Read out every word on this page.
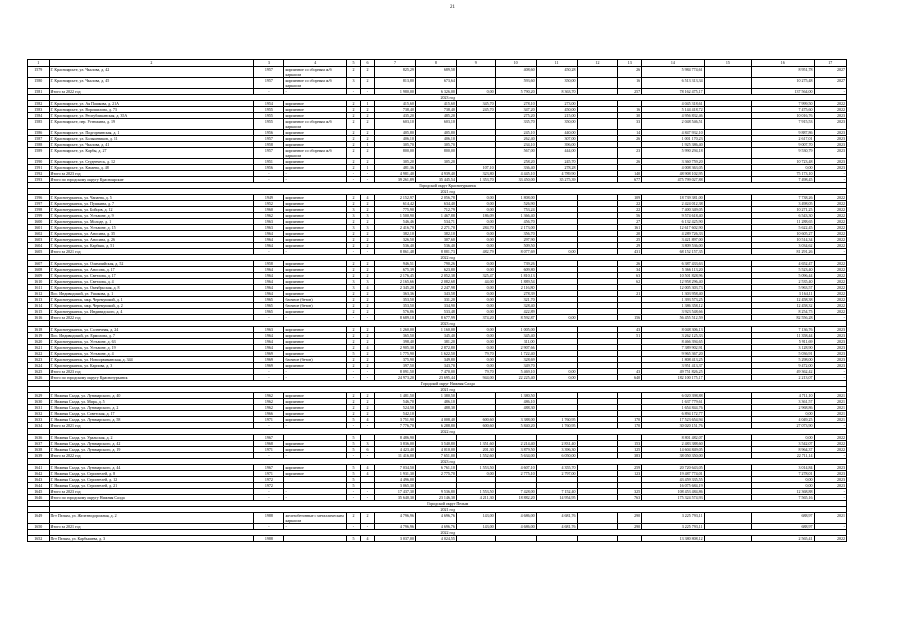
21
1	2	3	4	5	6	7	8	9	10	11	12	13	14	15	16	17
1579	Г. Красноярсьте, ул. Чкалова, д. 42	1957	кирпичное со сборным ж/б каркасом	2	2	825,29	689,58		408,60	450,28		26	5 984 774,61		8 951,78	2027
1580	Г. Красноярсьте, ул. Чкалова, д. 45	1957	кирпичное со сборным ж/б каркасом	3	2	813,80	673,64		593,60	350,00		16	6 513 313,34		10 275,48	2027
1581	Итого за 2022 год	-	-	-	-	1 980,00	6 326,00	0,00	5 790,20	8 363,70		257	78 162 475,17		137 564,00	-
	2023 год															
1582	Г. Красноярсьте, ул. Ая Пашкова, д. 21А	1954	кирпичное	2	1	415,60	415,60	345,70	278,10	273,00			4 045 318,61		7 999,50	2022
1583	Г. Красноярсьте, ул. Ворошилова, д. 73	1955	кирпичное	2	2	738,40	738,40	245,70	347,20	450,00		16	5 144 418,72		7 475,60	2022
1584	Г. Красноярсьте, ул. Республиканская, д. 35А	1955	кирпичное	2	2	435,20	485,20		275,20	215,00		30	4 956 832,46		10 016,76	2023
1585	Г. Красноярсьте, пер. Устюжина, д. 19	1955	кирпичное со сборным ж/б каркасом	2	2	603,10	603,10		335,70	350,00		33	2 048 546,51		7 915,53	2023
1586	Г. Красноярсьте, ул. Подгорнинская, д. 1	1956	кирпичное	2	2	405,80	405,80		245,10	440,00		14	4 847 932,10		9 887,86	2023
1587	Г. Красноярсьте, ул. Большевиков, д. 11	1957	кирпичное	2	2	406,10	406,10		262,40	307,00		26	1 001 170,23		2 617,01	2023
1588	Г. Красноярсьте, ул. Чкалова, д. 41	1958	кирпичное	2	1	305,70	305,70		234,10	396,00			1 925 386,40		9 007,70	2023
1589	Г. Красноярсьте, ул. Карбы, д. 27	1957	кирпичное со сборным ж/б каркасом	2	2	800,00	800,00		567,00	444,00		23	5 990 294,18		9 530,79	2023
1590	Г. Красноярсьте, ул. Студенческ, д. 12	1951	кирпичное	2	2	305,20	305,20		258,20	245,70		26	3 360 759,20		10 723,48	2023
1591	Г. Красноярсьте, ул. Качаева, д. 48	1956	кирпичное	2	1	481,36		107,10	336,40	278,28			4 008 363,05		0,00	2023
1592	Итого за 2023 год	-	-	-	-	4 981,40	4 939,40	323,80	4 445,10	4 789,90		140	48 908 102,95		75 173,10	-
1593	Итого по городскому округу Красноярские	-	-	-	-	39 261,89	35 445,54	1 353,70	33 450,00	35 275,39		677	475 799 027,88		7 498,45	-
	Городской округ Краснотурьинск															
	2021 год															
1596	Г. Краснотурьинск, ул. Чапаева, д. 5	1949	кирпичное	2	4	2 152,97	2 056,78	0,00	1 808,00			109	18 739 381,00		7 738,26	2022
1597	Г. Краснотурьинск, ул. Пушкина, д. 7	1952	кирпичное	2	2	614,42	634,40	0,00	526,90			22	2 424 012,38		3 498,05	2022
1598	Г. Краснотурьинск, ул. Бойцов, д. 12	1960	кирпичное	3	2	775,90	712,79	0,00	753,24			22	7 400 349,05		10 271,25	2022
1599	Г. Краснотурьинск, ул. Устьвоне, д. 9	1962	кирпичное	3	3	1 500,90	1 467,88	186,09	1 366,40			56	9 574 618,40		6 543,30	2022
1600	Г. Краснотурьинск, ул. Молоде, д. 1	1963	кирпичное	2	2	546,46	534,71	0,00	456,70			27	6 132 425,90		11 288,65	2022
1601	Г. Краснотурьинск, ул. Устьвоне, д. 15	1963	кирпичное	3	3	2 416,70	2 271,70	284,70	2 173,00			161	12 617 602,90		5 622,45	2022
1602	Г. Краснотурьинск, ул. Аносина, д. 35	1964	кирпичное	2	2	382,10	382,10	0,00	356,70			20	4 289 726,33		10 605,27	2022
1603	Г. Краснотурьинск, ул. Аносина, д. 26	1964	кирпичное	2	2	326,50	307,60	0,00	297,90			25	3 421 897,00		10 514,34	2022
1604	Г. Краснотурьинск, ул. Карбыш, д. 51	1964	кирпичное	2	2	536,40	536,40	0,00	509,50			29	3 809 536,00		3 034,62	2022
1605	Итого за 2021 год	-	-	-	-	8 861,48	8 881,73	482,79	8 077,69	0,00		431	68 152 157,35		81 291,26	-
	2022 год															
1607	Г. Краснотурьинск, ул. Олимпийская, д. 52	1958	кирпичное	2	2	946,51	790,26	0,00	739,26			26	6 387 433,63		4 652,47	2022
1608	Г. Краснотурьинск, ул. Аносова, д. 17	1964	кирпичное	2	2	675,39	623,80	0,00	609,80			34	5 366 113,20		5 523,40	2022
1609	Г. Краснотурьинск, ул. Светлова, д. 17	1964	кирпичное	2	2	2 176,45	2 052,38	325,47	1 810,13			63	10 501 828,96		5 096,44	2022
1610	Г. Краснотурьинск, ул. Светлова, д. 4	1964	кирпичное	3	3	2 165,66	2 082,68	44,00	1 889,54			62	12 958 296,40		2 535,40	2022
1611	Г. Краснотурьинск, ул. Октябрьская, д. 8	1964	кирпичное	3	4	2 345,20	2 247,98	0,00	2 116,80				12 005 303,73		5 963,57	2022
1612	Пос. Индивидский, ул. Ушакова, д. 1	1964	кирпичное	2	2	363,36	343,58	0,00	278,39			21	1 303 958,40		3 164,11	2022
1613	Г. Краснотурьинск, мкр. Черемушкий, д. 1	1965	блочное (бетон)	2	2	353,50	331,20	0,00	321,70				1 393 573,25		12 458,38	2022
1614	Г. Краснотурьинск, мкр. Черемушкий, д. 2	1965	блочное (бетон)	2	2	353,50	334,90	0,00	328,40				1 386 358,12		12 458,32	2022
1615	Г. Краснотурьинск, ул. Индивидского, д. 4	1965	кирпичное	2	2	576,86	533,48	0,00	422,89				3 923 548,66		8 254,75	2022
1616	Итого за 2022 год	-	-	-	-	8 689,10	8 677,99	374,20	8 592,87	0,00		156	56 455 512,59		82 556,28	-
	2023 год															
1618	Г. Краснотурьинск, ул. Солнечная, д. 24	1963	кирпичное	2	2	1 260,00	1 160,00	0,00	1 005,00			43	8 048 306,13		7 136,76	2023
1619	Пос. Индивидский, ул. Ермолова, д. 7	1964	кирпичное	2	2	365,50	345,40	0,00	345,40			51	3 262 125,33		11 358,44	2023
1620	Г. Краснотурьинск, ул. Устьвоне, д. 63	1964	кирпичное	2	2	398,40	381,20	0,00	311,00				8 466 394,65		5 911,69	2023
1621	Г. Краснотурьинск, ул. Устьвоне, д. 19	1964	кирпичное	2	4	2 905,30	2 872,80	0,00	2 907,66				7 389 902,91		3 128,90	2023
1622	Г. Краснотурьинск, ул. Устьвоне, д. 4	1969	кирпичное	5	2	1 775,90	1 622,50	79,70	1 722,40				9 965 367,20		5 036,91	2023
1623	Г. Краснотурьинск, ул. Новоорвиманская, д. 344	1969	блочное (бетон)	2	2	375,90	349,80	0,00	328,69				1 808 413,25		5 298,00	2023
1624	Г. Краснотурьинск, ул. Карпова, д. 3	1969	кирпичное	2	2	397,50	343,70	0,00	349,70				3 951 413,37		9 472,00	2023
1625	Итого за 2023 год	-	-	-	-	8 091,50	7 470,00	79,70	5 469,10	0,00		43	49 751 826,25		49 362,42	-
1626	Итого по городскому округу Краснотурьинск	-	-	-	-	24 973,20	23 695,44	944,00	22 225,40	0,00		640	182 100 175,17		2 213,07	-
	Городской округ Нижняя Салда															
	2021 год															
1629	Г. Нижняя Салда, ул. Луначарского, д. 40	1962	кирпичное	2	2	1 481,50	1 380,50		1 380,50				6 020 398,88		4 711,10	2021
1630	Г. Нижняя Салда, ул. Мира, д. 5	1962	кирпичное	2	2	546,70	486,10		486,10				1 637 779,61		3 361,57	2021
1631	Г. Нижняя Салда, ул. Луначарского, д. 2	1962	кирпичное	2	2	524,50	488,30		488,30				1 654 844,76		2 968,86	2021
1632	Г. Нижняя Салда, ул. Советская, д. 17	1966	кирпичное	2	2	542,10							6 894 172,77		0,00	2021
1633	Г. Нижняя Салда, ул. Луначарского, д. 58	1971	кирпичное	5	4	3 751,90	4 008,40	600,60	3 388,00	1 760,95		170	17 523 654,94		4 049,25	2021
1634	Итого за 2021 год	-	-	-	-	7 776,70	6 288,80	600,60	5 840,20	1 760,95		170	30 020 151,76		27 073,90	-
	2022 год															
1636	Г. Нижняя Салда, ул. Уральская, д. 2	1967		5		8 486,90							8 801 482,07		0,00	2022
1637	Г. Нижняя Салда, ул. Луначарского, д. 42	1968	кирпичное	5	3	3 836,00	3 540,80	1 351,60	2 214,40	2 831,40		153	2 483 388,60		3 542,07	2022
1638	Г. Нижняя Салда, ул. Луначарского, д. 19	1971	кирпичное	5	6	4 423,40	4 010,00	201,30	3 879,50	3 396,30		125	14 604 849,05		8 964,37	2022
1639	Итого за 2022 год	-	-	-	-	11 416,00	7 651,00	1 552,60	5 634,00	6 050,00		383	38 050 350,00		22 711,14	-
	2023 год															
1641	Г. Нижняя Салда, ул. Луначарского, д. 44	1967	кирпичное	5	4	7 034,50	6 761,10	1 553,50	4 607,10	4 355,70		259	20 720 643,05		3 014,84	2023
1642	Г. Нижняя Салда, ул. Строителей, д. 8	1971	кирпичное	5	4	1 931,30	2 775,70	0,00	2 775,10	2 797,00		123	19 487 774,01		7 278,01	2023
1643	Г. Нижняя Салда, ул. Строителей, д. 12	1972		5		4 496,00							43 459 335,55		0,00	2023
1644	Г. Нижняя Салда, ул. Строителей, д. 21	1972		5		3 065,30							16 075 684,19		0,00	2023
1645	Итого за 2023 год	-	-	-	-	17 437,30	9 536,80	1 553,50	7 428,00	7 152,40		325	108 453 484,86		12 368,88	-
1646	Итого по городскому округу Нижняя Салда	-	-	-	-	35 640,30	23 146,30	4 211,30	18 882,20	14 954,95		763	175 324 574,93		7 565,16	-
	Городской округ Пелым															
	2021 год															
1649	Пгт Пелым, ул. Железнодорожная, д. 2	1988	железобетонные с металлическим каркасом	2	2	4 796,96	4 696,76	143,00	4 686,00	4 681,76		290	3 225 793,11		688,97	2021
1650	Итого за 2021 год	-	-	-	-	4 796,96	4 696,76	143,00	4 686,00	4 681,76		290	3 225 793,11		688,97	-
	2022 год															
1652	Пгт Пелым, ул. Карбышева, д. 3	1988		5	4	3 037,00	4 024,55						13 380 808,12		2 565,41	2022
